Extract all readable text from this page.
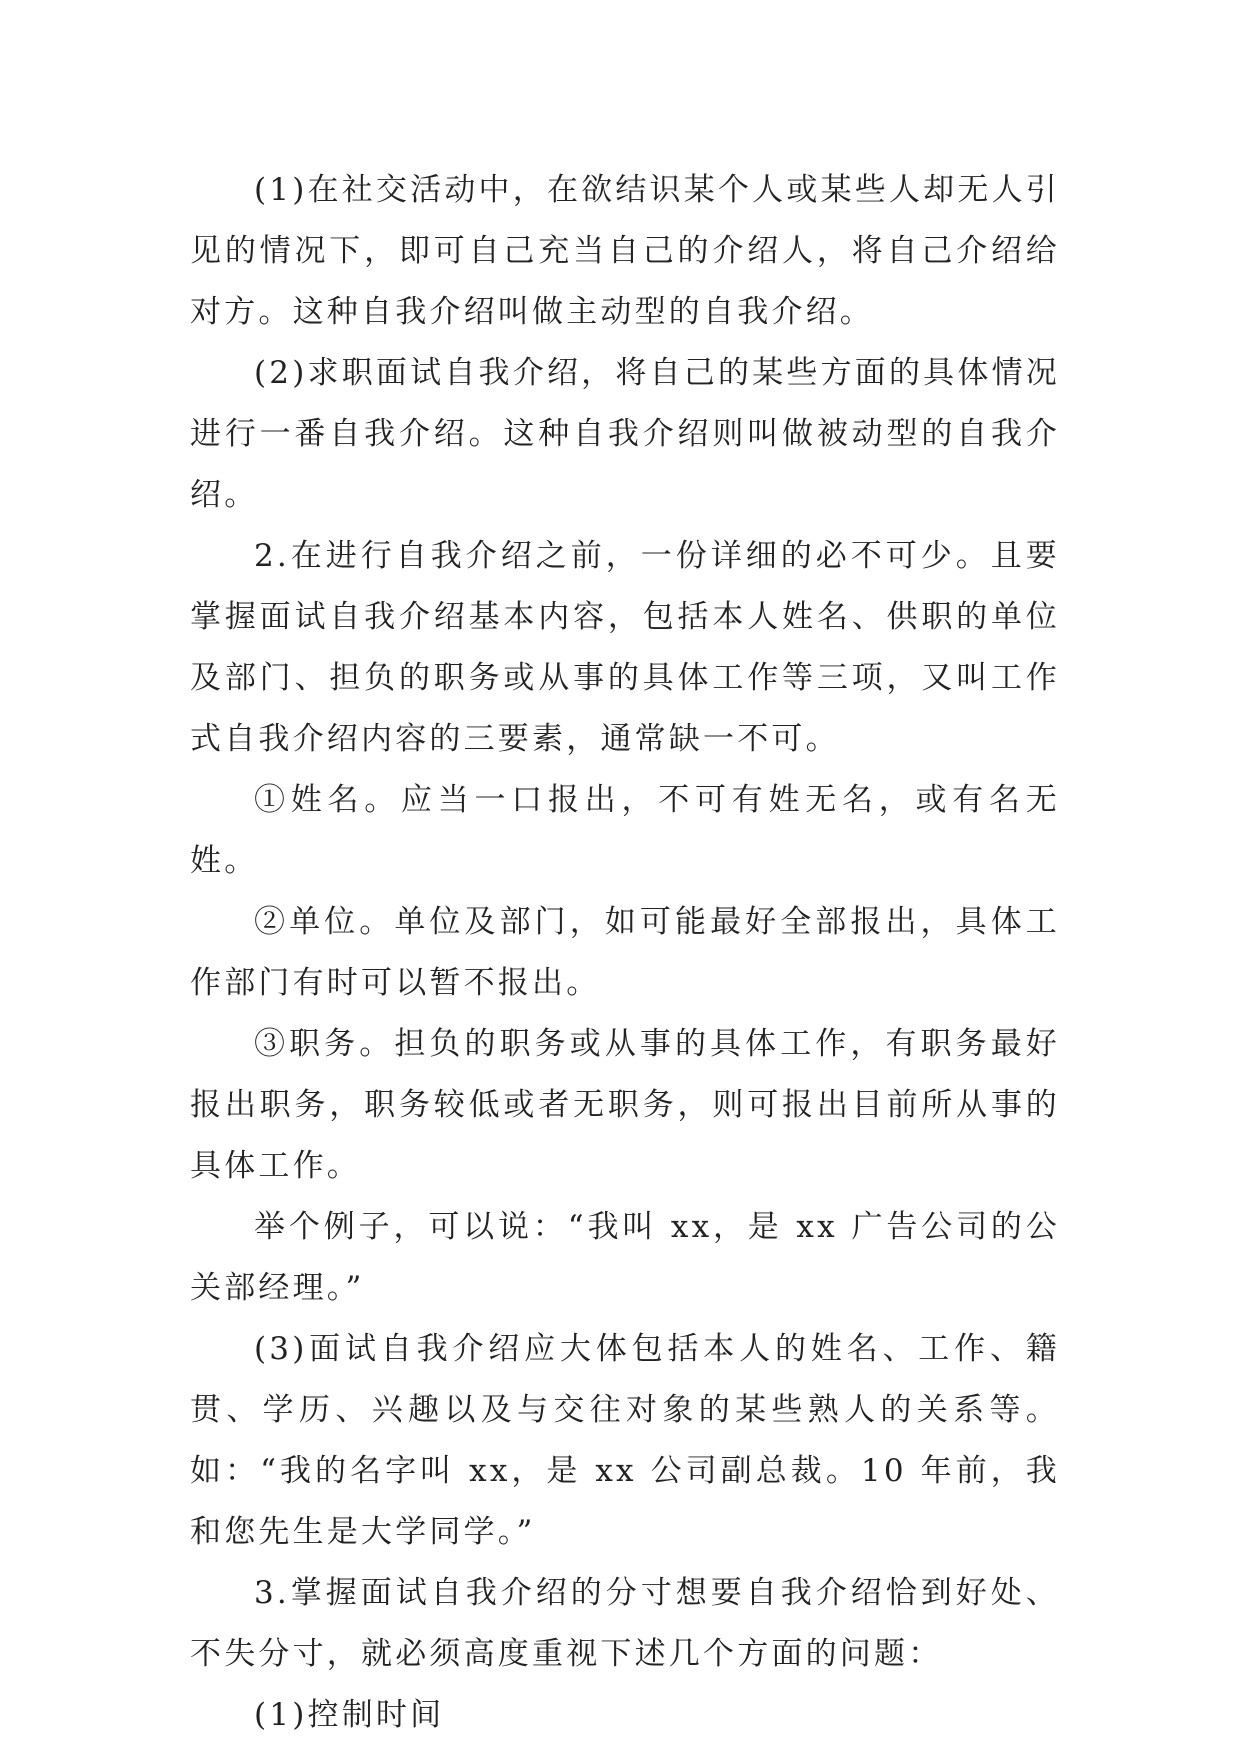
(1)在社交活动中，在欲结识某个人或某些人却无人引见的情况下，即可自己充当自己的介绍人，将自己介绍给对方。这种自我介绍叫做主动型的自我介绍。

(2)求职面试自我介绍，将自己的某些方面的具体情况进行一番自我介绍。这种自我介绍则叫做被动型的自我介绍。

2.在进行自我介绍之前，一份详细的必不可少。且要掌握面试自我介绍基本内容，包括本人姓名、供职的单位及部门、担负的职务或从事的具体工作等三项，又叫工作式自我介绍内容的三要素，通常缺一不可。

①姓名。应当一口报出，不可有姓无名，或有名无姓。

②单位。单位及部门，如可能最好全部报出，具体工作部门有时可以暂不报出。

③职务。担负的职务或从事的具体工作，有职务最好报出职务，职务较低或者无职务，则可报出目前所从事的具体工作。

举个例子，可以说：“我叫 xx，是 xx 广告公司的公关部经理。”

(3)面试自我介绍应大体包括本人的姓名、工作、籍贯、学历、兴趣以及与交往对象的某些熟人的关系等。如：“我的名字叫 xx，是 xx 公司副总裁。10 年前，我和您先生是大学同学。”

3.掌握面试自我介绍的分寸想要自我介绍恰到好处、不失分寸，就必须高度重视下述几个方面的问题：

(1)控制时间
